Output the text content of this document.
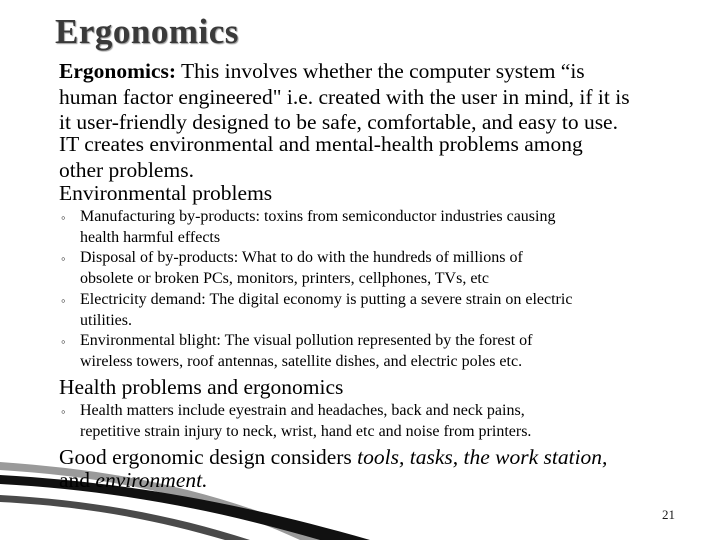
Ergonomics
Ergonomics: This involves whether the computer system “is
human factor engineered" i.e. created with the user in mind, if it is
it user-friendly designed to be safe, comfortable, and easy to use.
IT creates environmental and mental-health problems among
other problems.
Environmental problems
◦ Manufacturing by-products: toxins from semiconductor industries causing
health harmful effects
◦ Disposal of by-products: What to do with the hundreds of millions of
obsolete or broken PCs, monitors, printers, cellphones, TVs, etc
◦ Electricity demand: The digital economy is putting a severe strain on electric
utilities.
◦ Environmental blight: The visual pollution represented by the forest of
wireless towers, roof antennas, satellite dishes, and electric poles etc.
Health problems and ergonomics
◦ Health matters include eyestrain and headaches, back and neck pains,
repetitive strain injury to neck, wrist, hand etc and noise from printers.
Good ergonomic design considers tools, tasks, the work station,
and environment.
21
